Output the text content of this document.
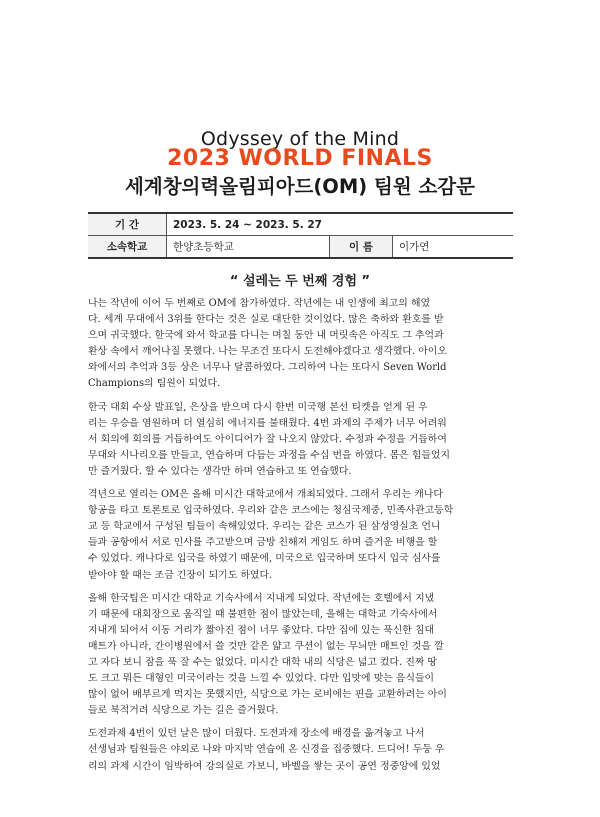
Odyssey of the Mind
2023 WORLD FINALS
세계창의력올림피아드(OM) 팀원 소감문
기 간	2023. 5. 24 ~ 2023. 5. 27		
소속학교	한양초등학교	이 름	이가연
“ 설레는 두 번째 경험 ”

나는 작년에 이어 두 번째로 OM에 참가하였다. 작년에는 내 인생에 최고의 해였

다. 세계 무대에서 3위를 한다는 것은 실로 대단한 것이었다. 많은 축하와 환호를 받

으며 귀국했다. 한국에 와서 학교를 다니는 며칠 동안 내 머릿속은 아직도 그 추억과

환상 속에서 깨어나질 못했다. 나는 무조건 또다시 도전해야겠다고 생각했다. 아이오

와에서의 추억과 3등 상은 너무나 달콤하였다. 그리하여 나는 또다시 Seven World

Champions의 팀원이 되었다.

한국 대회 수상 발표일, 은상을 받으며 다시 한번 미국행 본선 티켓을 얻게 된 우

리는 우승을 염원하며 더 열심히 에너지를 불태웠다. 4번 과제의 주제가 너무 어려워

서 회의에 회의를 거듭하여도 아이디어가 잘 나오지 않았다. 수정과 수정을 거듭하여

무대와 시나리오를 만들고, 연습하며 다듬는 과정을 수십 번을 하였다. 몸은 힘들었지

만 즐거웠다. 할 수 있다는 생각만 하며 연습하고 또 연습했다.

격년으로 열리는 OM은 올해 미시간 대학교에서 개최되었다. 그래서 우리는 캐나다

항공을 타고 토론토로 입국하였다. 우리와 같은 코스에는 청심국제중, 민족사관고등학

교 등 학교에서 구성된 팀들이 속해있었다. 우리는 같은 코스가 된 삼성영실초 언니

들과 공항에서 서로 인사를 주고받으며 금방 친해져 게임도 하며 즐거운 비행을 할

수 있었다. 캐나다로 입국을 하였기 때문에, 미국으로 입국하며 또다시 입국 심사를

받아야 할 때는 조금 긴장이 되기도 하였다.

올해 한국팀은 미시간 대학교 기숙사에서 지내게 되었다. 작년에는 호텔에서 지냈

기 때문에 대회장으로 움직일 때 불편한 점이 많았는데, 올해는 대학교 기숙사에서

지내게 되어서 이동 거리가 짧아진 점이 너무 좋았다. 다만 집에 있는 푹신한 침대

매트가 아니라, 간이병원에서 쓸 것만 같은 얇고 쿠션이 없는 무늬만 매트인 것을 깔

고 자다 보니 잠을 푹 잘 수는 없었다. 미시간 대학 내의 식당은 넓고 컸다. 진짜 땅

도 크고 뭐든 대형인 미국이라는 것을 느낄 수 있었다. 다만 입맛에 맞는 음식들이

많이 없어 배부르게 먹지는 못했지만, 식당으로 가는 로비에는 핀을 교환하려는 아이

들로 북적거려 식당으로 가는 길은 즐거웠다.

도전과제 4번이 있던 날은 많이 더웠다. 도전과제 장소에 배경을 옮겨놓고 나서

선생님과 팀원들은 야외로 나와 마지막 연습에 온 신경을 집중했다. 드디어! 두둥 우

리의 과제 시간이 임박하여 강의실로 가보니, 바벨을 쌓는 곳이 공연 정중앙에 있었
